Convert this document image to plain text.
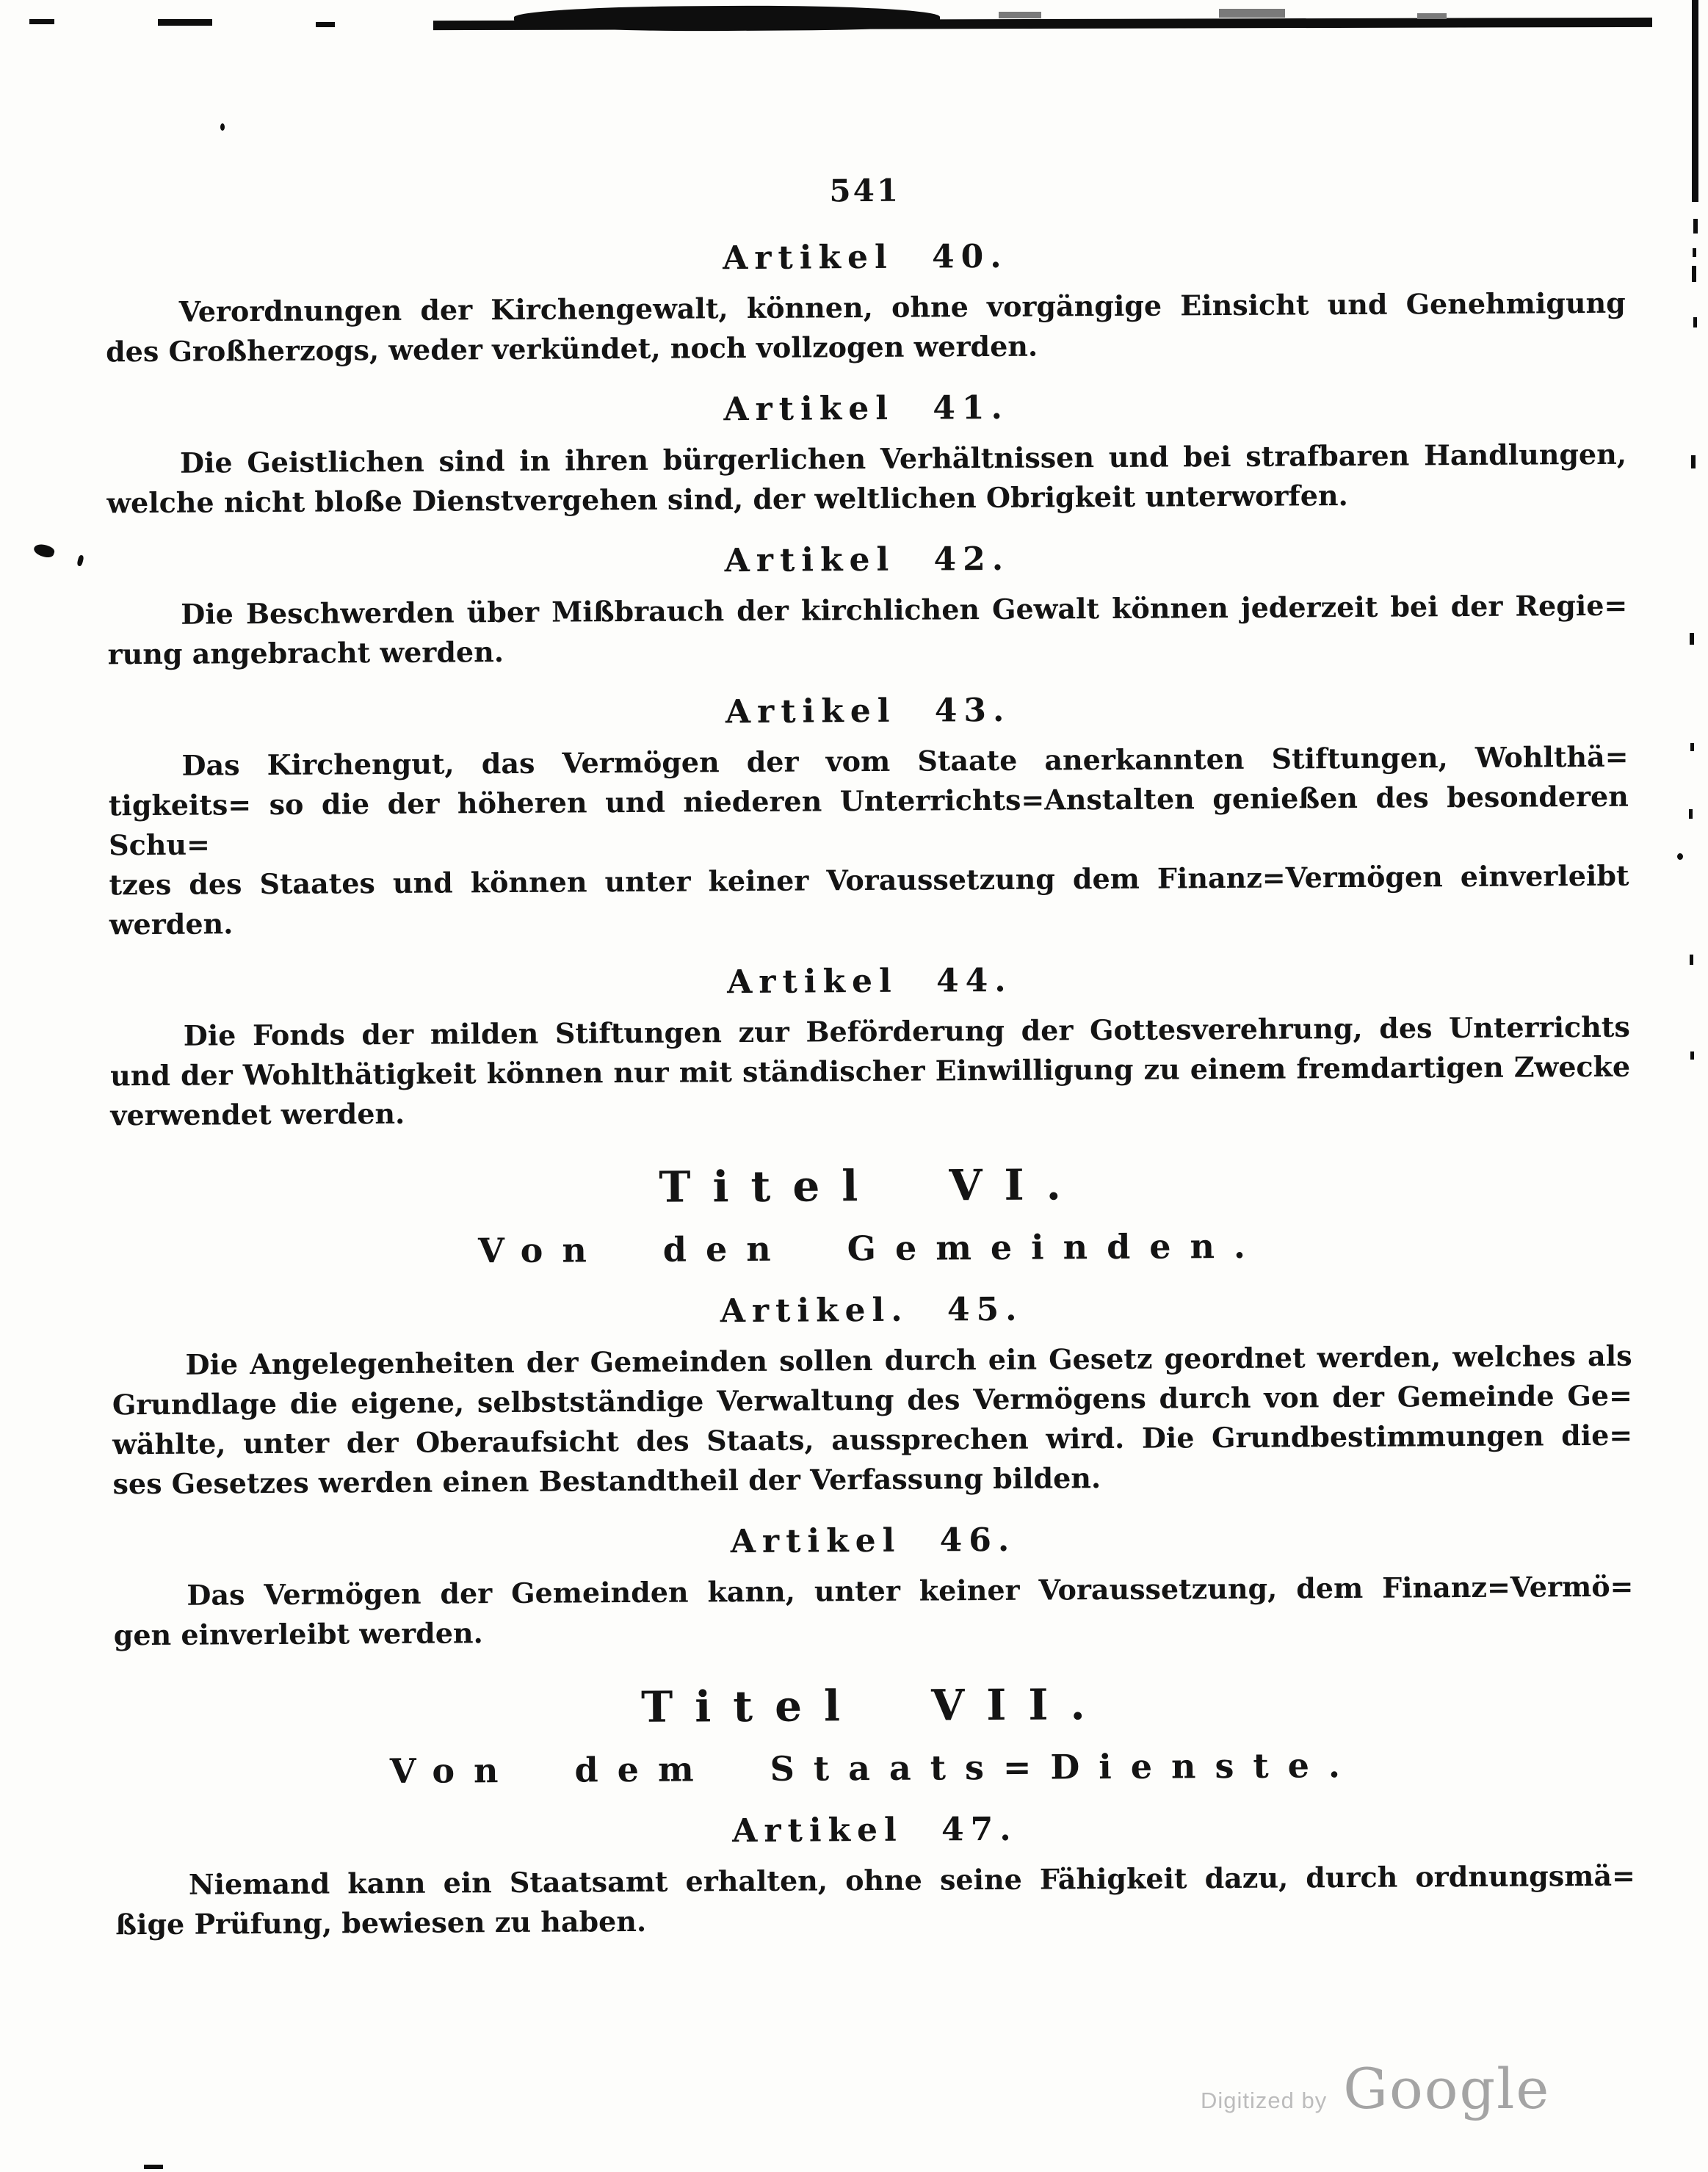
541
Artikel 40.

Verordnungen der Kirchengewalt, können, ohne vorgängige Einsicht und Genehmigung

des Großherzogs, weder verkündet, noch vollzogen werden.

Artikel 41.

Die Geistlichen sind in ihren bürgerlichen Verhältnissen und bei strafbaren Handlungen,

welche nicht bloße Dienstvergehen sind, der weltlichen Obrigkeit unterworfen.

Artikel 42.

Die Beschwerden über Mißbrauch der kirchlichen Gewalt können jederzeit bei der Regie=

rung angebracht werden.

Artikel 43.

Das Kirchengut, das Vermögen der vom Staate anerkannten Stiftungen, Wohlthä=

tigkeits= so die der höheren und niederen Unterrichts=Anstalten genießen des besonderen Schu=

tzes des Staates und können unter keiner Voraussetzung dem Finanz=Vermögen einverleibt

werden.

Artikel 44.

Die Fonds der milden Stiftungen zur Beförderung der Gottesverehrung, des Unterrichts

und der Wohlthätigkeit können nur mit ständischer Einwilligung zu einem fremdartigen Zwecke

verwendet werden.

Titel VI.
Von den Gemeinden.
Artikel. 45.

Die Angelegenheiten der Gemeinden sollen durch ein Gesetz geordnet werden, welches als

Grundlage die eigene, selbstständige Verwaltung des Vermögens durch von der Gemeinde Ge=

wählte, unter der Oberaufsicht des Staats, aussprechen wird. Die Grundbestimmungen die=

ses Gesetzes werden einen Bestandtheil der Verfassung bilden.

Artikel 46.

Das Vermögen der Gemeinden kann, unter keiner Voraussetzung, dem Finanz=Vermö=

gen einverleibt werden.

Titel VII.
Von dem Staats=Dienste.
Artikel 47.

Niemand kann ein Staatsamt erhalten, ohne seine Fähigkeit dazu, durch ordnungsmä=

ßige Prüfung, bewiesen zu haben.

Digitized by Google
